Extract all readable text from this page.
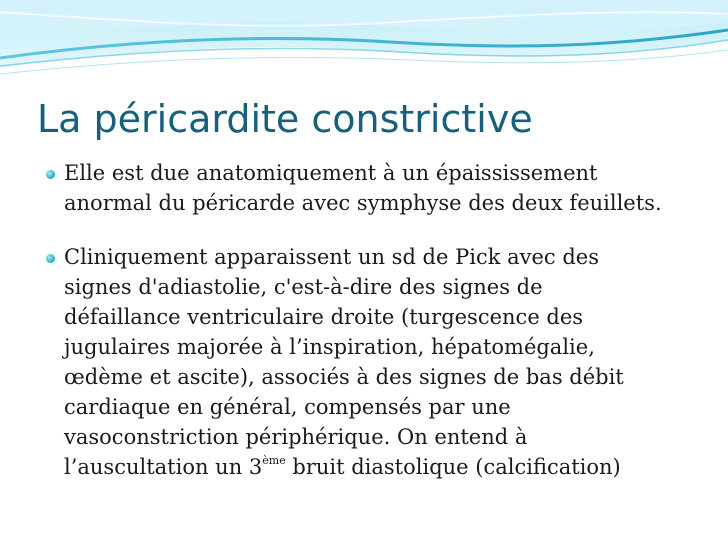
La péricardite constrictive
Elle est due anatomiquement à un épaississement anormal du péricarde avec symphyse des deux feuillets.
Cliniquement apparaissent un sd de Pick avec des signes d'adiastolie, c'est-à-dire des signes de défaillance ventriculaire droite (turgescence des jugulaires majorée à l’inspiration, hépatomégalie, œdème et ascite), associés à des signes de bas débit cardiaque en général, compensés par une vasoconstriction périphérique. On entend à l’auscultation un 3ème bruit diastolique (calcification)
